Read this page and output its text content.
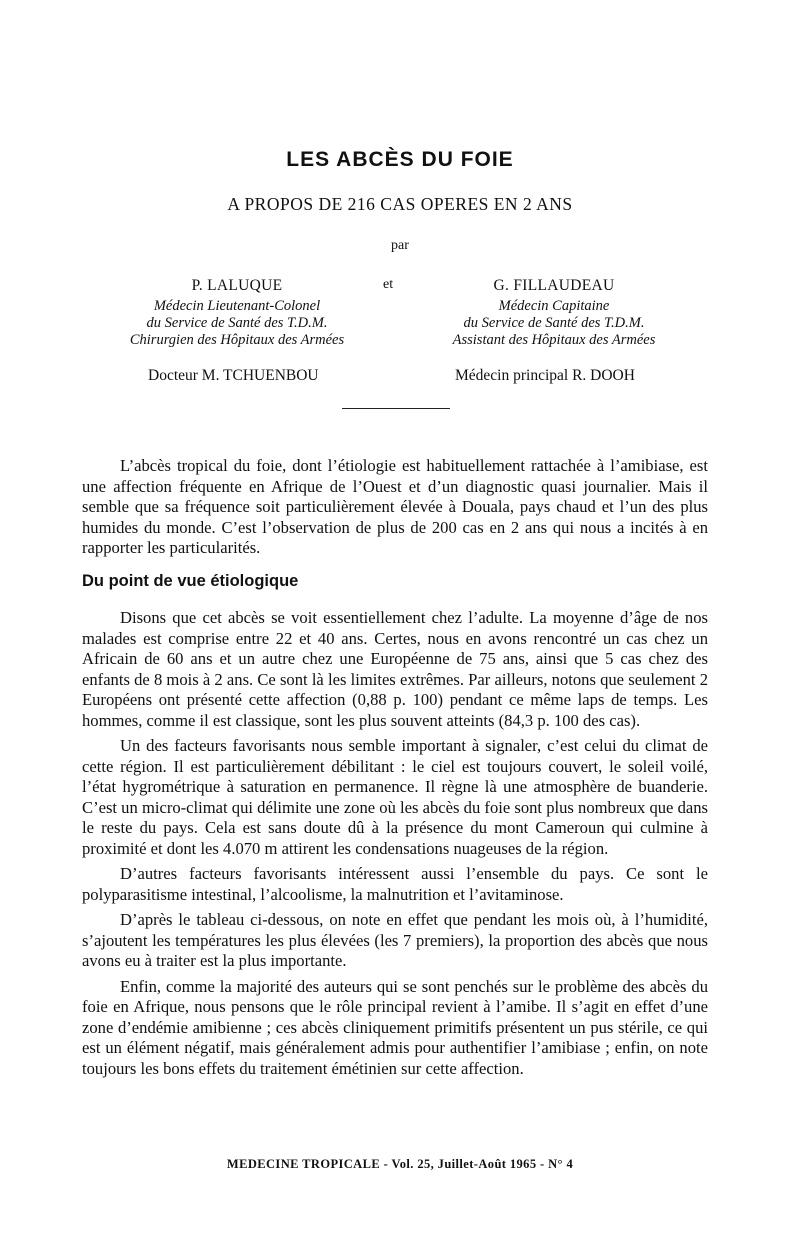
LES ABCÈS DU FOIE
A PROPOS DE 216 CAS OPERES EN 2 ANS
par
P. LALUQUE
Médecin Lieutenant-Colonel
du Service de Santé des T.D.M.
Chirurgien des Hôpitaux des Armées
et	G. FILLAUDEAU
Médecin Capitaine
du Service de Santé des T.D.M.
Assistant des Hôpitaux des Armées
Docteur M. TCHUENBOU	Médecin principal R. DOOH

L’abcès tropical du foie, dont l’étiologie est habituellement rattachée à l’amibiase, est une affection fréquente en Afrique de l’Ouest et d’un diagnostic quasi journalier. Mais il semble que sa fréquence soit particulièrement élevée à Douala, pays chaud et l’un des plus humides du monde. C’est l’observation de plus de 200 cas en 2 ans qui nous a incités à en rapporter les particularités.

Du point de vue étiologique

Disons que cet abcès se voit essentiellement chez l’adulte. La moyenne d’âge de nos malades est comprise entre 22 et 40 ans. Certes, nous en avons rencontré un cas chez un Africain de 60 ans et un autre chez une Européenne de 75 ans, ainsi que 5 cas chez des enfants de 8 mois à 2 ans. Ce sont là les limites extrêmes. Par ailleurs, notons que seulement 2 Européens ont présenté cette affection (0,88 p. 100) pendant ce même laps de temps. Les hommes, comme il est classique, sont les plus souvent atteints (84,3 p. 100 des cas).

Un des facteurs favorisants nous semble important à signaler, c’est celui du climat de cette région. Il est particulièrement débilitant : le ciel est toujours couvert, le soleil voilé, l’état hygrométrique à saturation en permanence. Il règne là une atmosphère de buanderie. C’est un micro-climat qui délimite une zone où les abcès du foie sont plus nombreux que dans le reste du pays. Cela est sans doute dû à la présence du mont Cameroun qui culmine à proximité et dont les 4.070 m attirent les condensations nuageuses de la région.

D’autres facteurs favorisants intéressent aussi l’ensemble du pays. Ce sont le polyparasitisme intestinal, l’alcoolisme, la malnutrition et l’avitaminose.

D’après le tableau ci-dessous, on note en effet que pendant les mois où, à l’humidité, s’ajoutent les températures les plus élevées (les 7 premiers), la proportion des abcès que nous avons eu à traiter est la plus importante.

Enfin, comme la majorité des auteurs qui se sont penchés sur le problème des abcès du foie en Afrique, nous pensons que le rôle principal revient à l’amibe. Il s’agit en effet d’une zone d’endémie amibienne ; ces abcès cliniquement primitifs présentent un pus stérile, ce qui est un élément négatif, mais généralement admis pour authentifier l’amibiase ; enfin, on note toujours les bons effets du traitement émétinien sur cette affection.

MEDECINE TROPICALE - Vol. 25, Juillet-Août 1965 - N° 4
